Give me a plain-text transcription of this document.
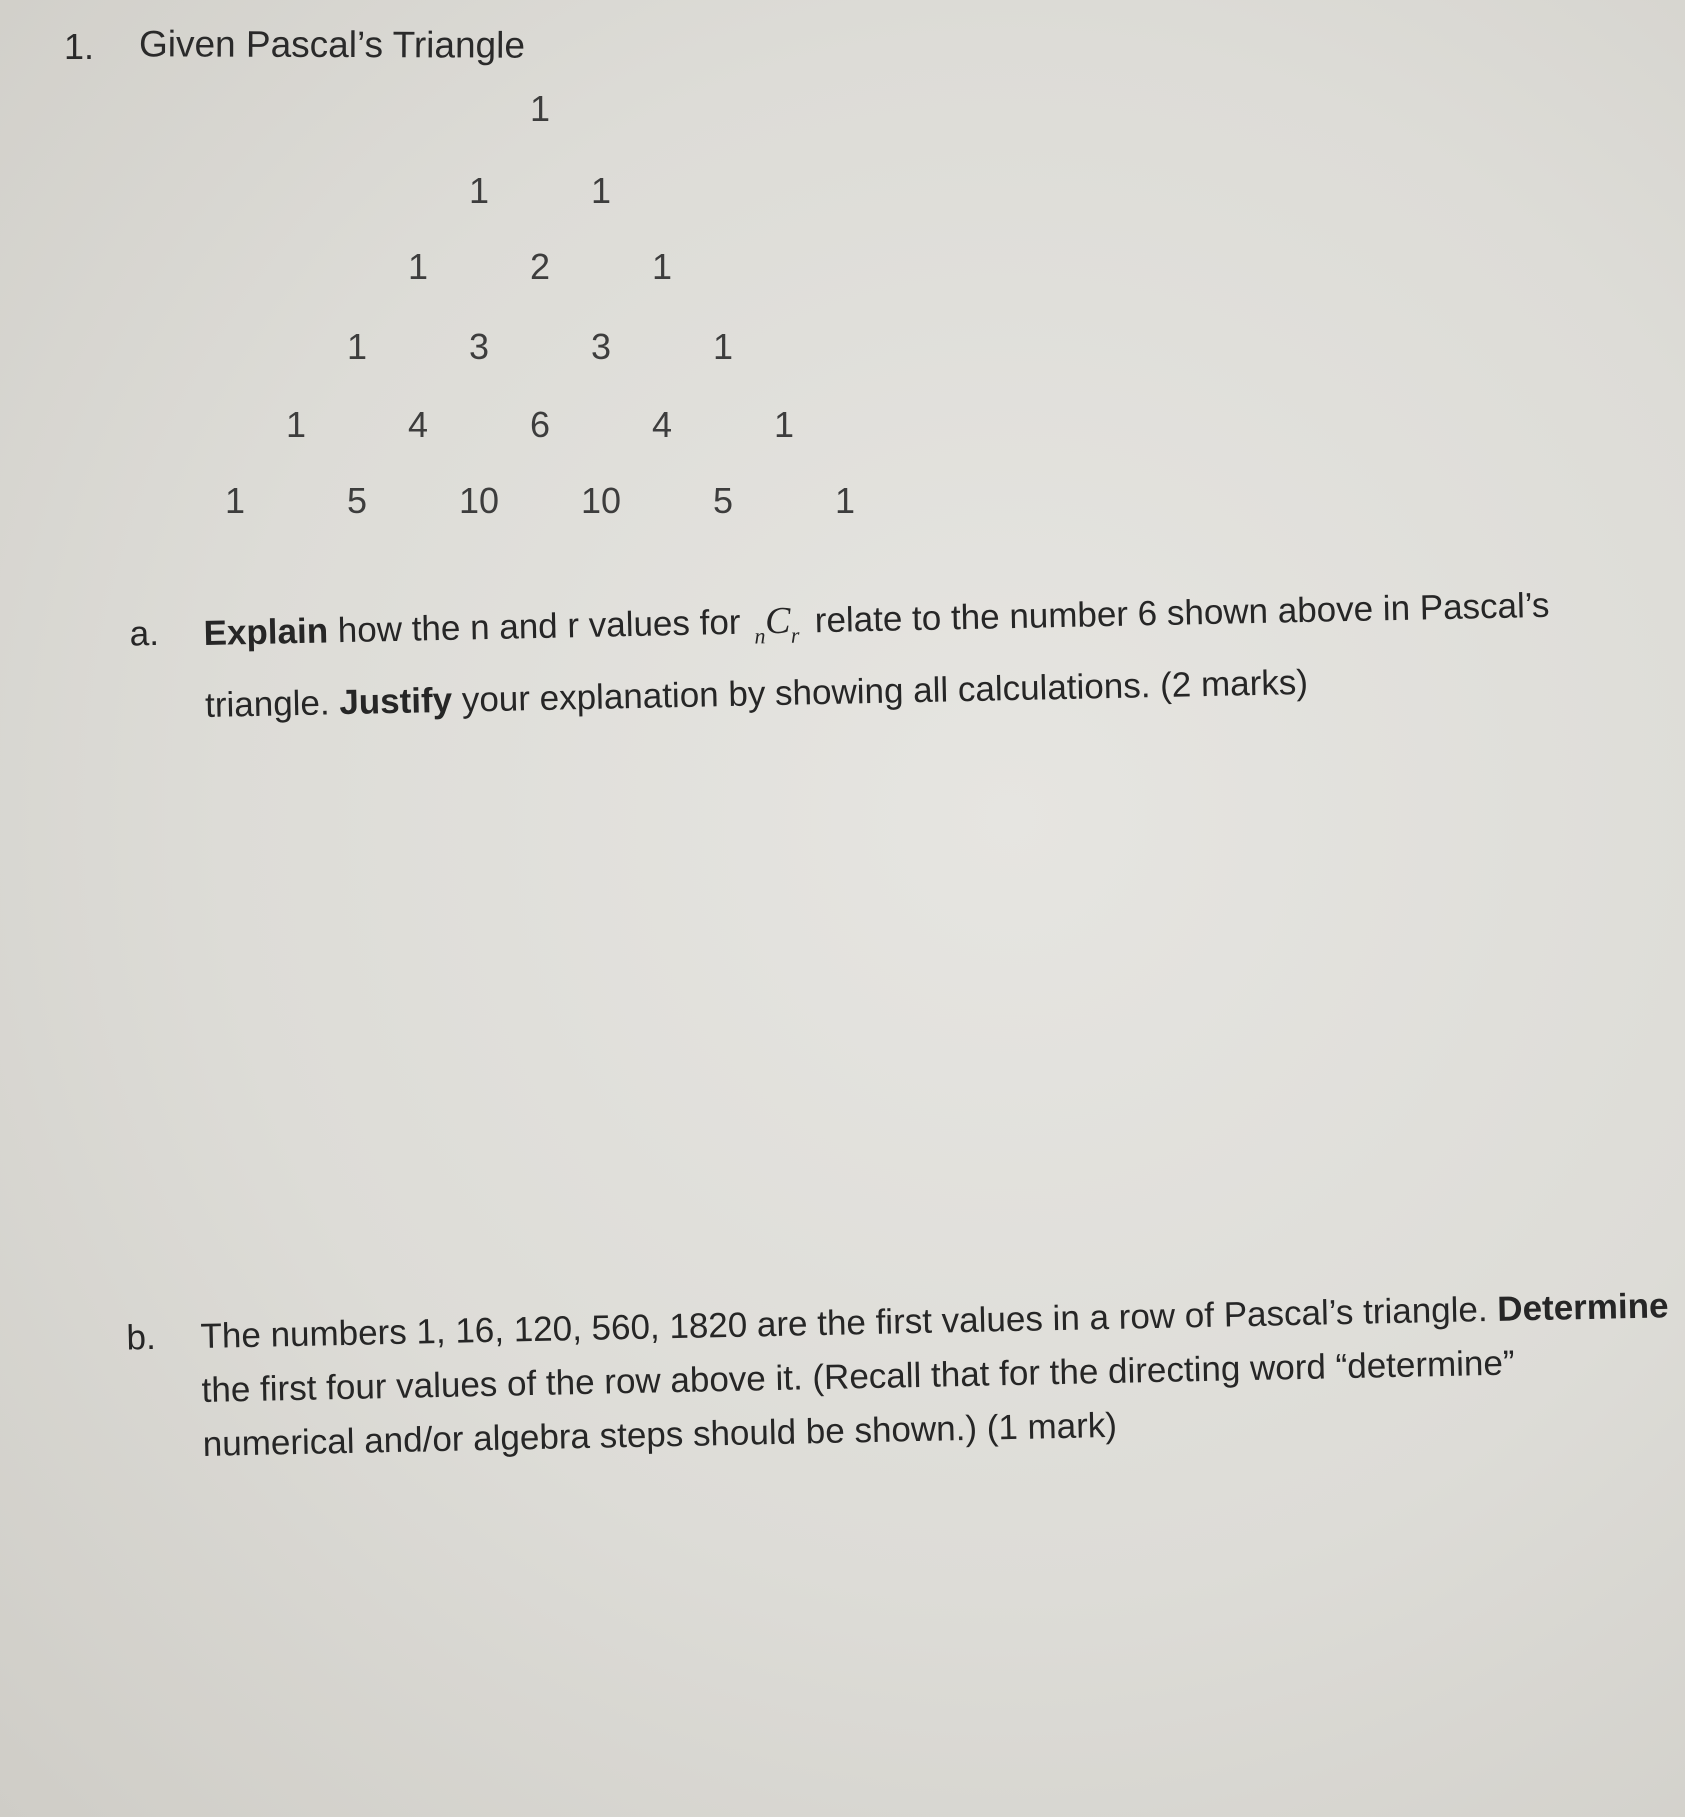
1. Given Pascal’s Triangle
1
1	1
1	2	1
1	3	3	1
1	4	6	4	1
1	5	10 10	5	1
a. Explain how the n and r values for $_nC_r$ relate to the number 6 shown above in Pascal’s triangle. Justify your explanation by showing all calculations. (2 marks)
b. The numbers 1, 16, 120, 560, 1820 are the first values in a row of Pascal’s triangle. Determine the first four values of the row above it. (Recall that for the directing word “determine” numerical and/or algebra steps should be shown.) (1 mark)
